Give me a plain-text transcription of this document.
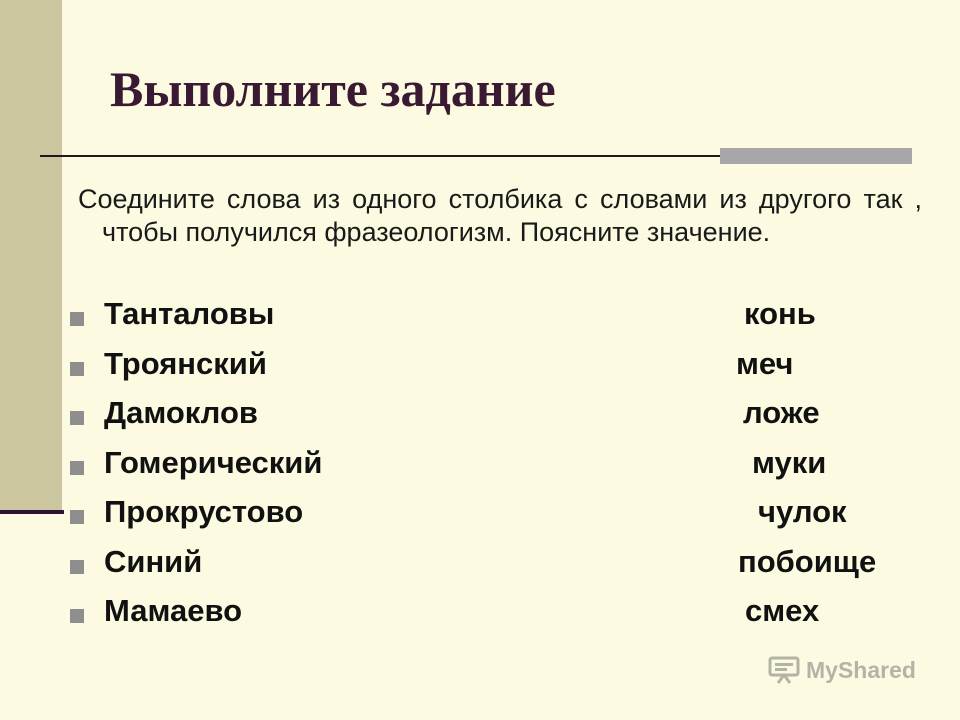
Выполните задание
Соедините слова из одного столбика с словами из другого так , чтобы получился фразеологизм. Поясните значение.
Танталовы	конь
Троянский	меч
Дамоклов	ложе
Гомерический	муки
Прокрустово	чулок
Синий	побоище
Мамаево	смех
MyShared
